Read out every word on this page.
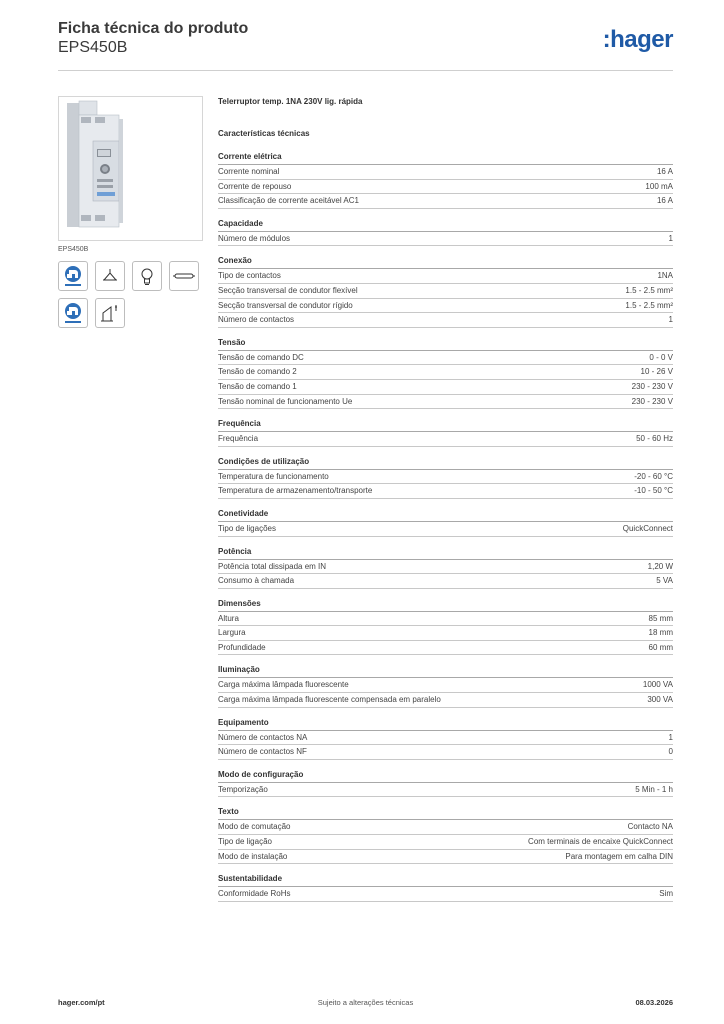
Ficha técnica do produto
EPS450B	:hager
EPS450B
Telerruptor temp. 1NA 230V lig. rápida
Características técnicas
Corrente elétrica
Corrente nominal	16 A
Corrente de repouso	100 mA
Classificação de corrente aceitável AC1	16 A
Capacidade
Número de módulos	1
Conexão
Tipo de contactos	1NA
Secção transversal de condutor flexível	1.5 - 2.5 mm²
Secção transversal de condutor rígido	1.5 - 2.5 mm²
Número de contactos	1
Tensão
Tensão de comando DC	0 - 0 V
Tensão de comando 2	10 - 26 V
Tensão de comando 1	230 - 230 V
Tensão nominal de funcionamento Ue	230 - 230 V
Frequência
Frequência	50 - 60 Hz
Condições de utilização
Temperatura de funcionamento	-20 - 60 °C
Temperatura de armazenamento/transporte	-10 - 50 °C
Conetividade
Tipo de ligações	QuickConnect
Potência
Potência total dissipada em IN	1,20 W
Consumo à chamada	5 VA
Dimensões
Altura	85 mm
Largura	18 mm
Profundidade	60 mm
Iluminação
Carga máxima lâmpada fluorescente	1000 VA
Carga máxima lâmpada fluorescente compensada em paralelo	300 VA
Equipamento
Número de contactos NA	1
Número de contactos NF	0
Modo de configuração
Temporização	5 Min - 1 h
Texto
Modo de comutação	Contacto NA
Tipo de ligação	Com terminais de encaixe QuickConnect
Modo de instalação	Para montagem em calha DIN
Sustentabilidade
Conformidade RoHs	Sim
hager.com/pt	Sujeito a alterações técnicas	08.03.2026
